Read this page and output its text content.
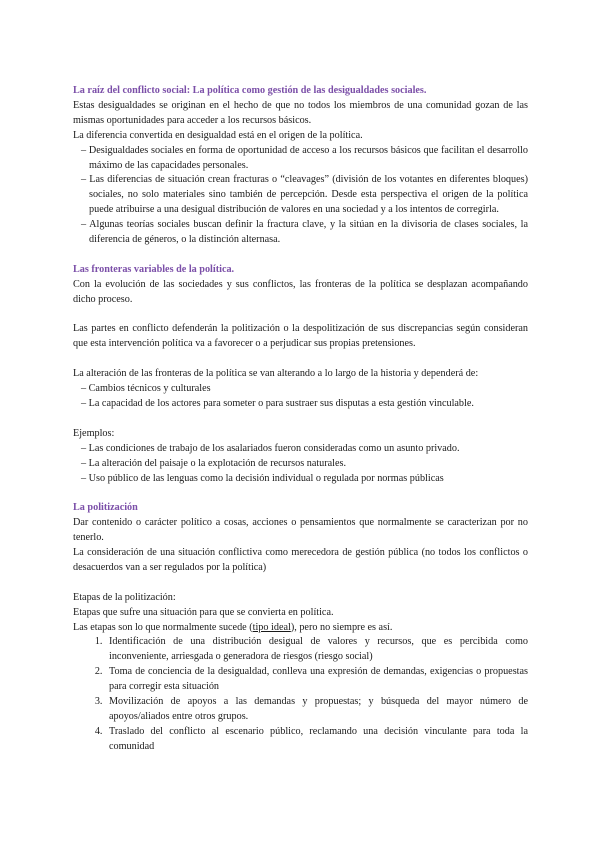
La raíz del conflicto social: La política como gestión de las desigualdades sociales.

Estas desigualdades se originan en el hecho de que no todos los miembros de una comunidad gozan de las mismas oportunidades para acceder a los recursos básicos.

La diferencia convertida en desigualdad está en el origen de la política.

– Desigualdades sociales en forma de oportunidad de acceso a los recursos básicos que facilitan el desarrollo máximo de las capacidades personales.

– Las diferencias de situación crean fracturas o “cleavages” (división de los votantes en diferentes bloques) sociales, no solo materiales sino también de percepción. Desde esta perspectiva el origen de la política puede atribuirse a una desigual distribución de valores en una sociedad y a los intentos de corregirla.

– Algunas teorías sociales buscan definir la fractura clave, y la sitúan en la divisoria de clases sociales, la diferencia de géneros, o la distinción alternasa.

Las fronteras variables de la política.

Con la evolución de las sociedades y sus conflictos, las fronteras de la política se desplazan acompañando dicho proceso.

Las partes en conflicto defenderán la politización o la despolitización de sus discrepancias según consideran que esta intervención política va a favorecer o a perjudicar sus propias pretensiones.

La alteración de las fronteras de la política se van alterando a lo largo de la historia y dependerá de:

– Cambios técnicos y culturales

– La capacidad de los actores para someter o para sustraer sus disputas a esta gestión vinculable.

Ejemplos:

– Las condiciones de trabajo de los asalariados fueron consideradas como un asunto privado.

– La alteración del paisaje o la explotación de recursos naturales.

– Uso público de las lenguas como la decisión individual o regulada por normas públicas

La politización

Dar contenido o carácter político a cosas, acciones o pensamientos que normalmente se caracterizan por no tenerlo.

La consideración de una situación conflictiva como merecedora de gestión pública (no todos los conflictos o desacuerdos van a ser regulados por la política)

Etapas de la politización:

Etapas que sufre una situación para que se convierta en política.

Las etapas son lo que normalmente sucede (tipo ideal), pero no siempre es así.

1. Identificación de una distribución desigual de valores y recursos, que es percibida como inconveniente, arriesgada o generadora de riesgos (riesgo social)
2. Toma de conciencia de la desigualdad, conlleva una expresión de demandas, exigencias o propuestas para corregir esta situación
3. Movilización de apoyos a las demandas y propuestas; y búsqueda del mayor número de apoyos/aliados entre otros grupos.
4. Traslado del conflicto al escenario público, reclamando una decisión vinculante para toda la comunidad
